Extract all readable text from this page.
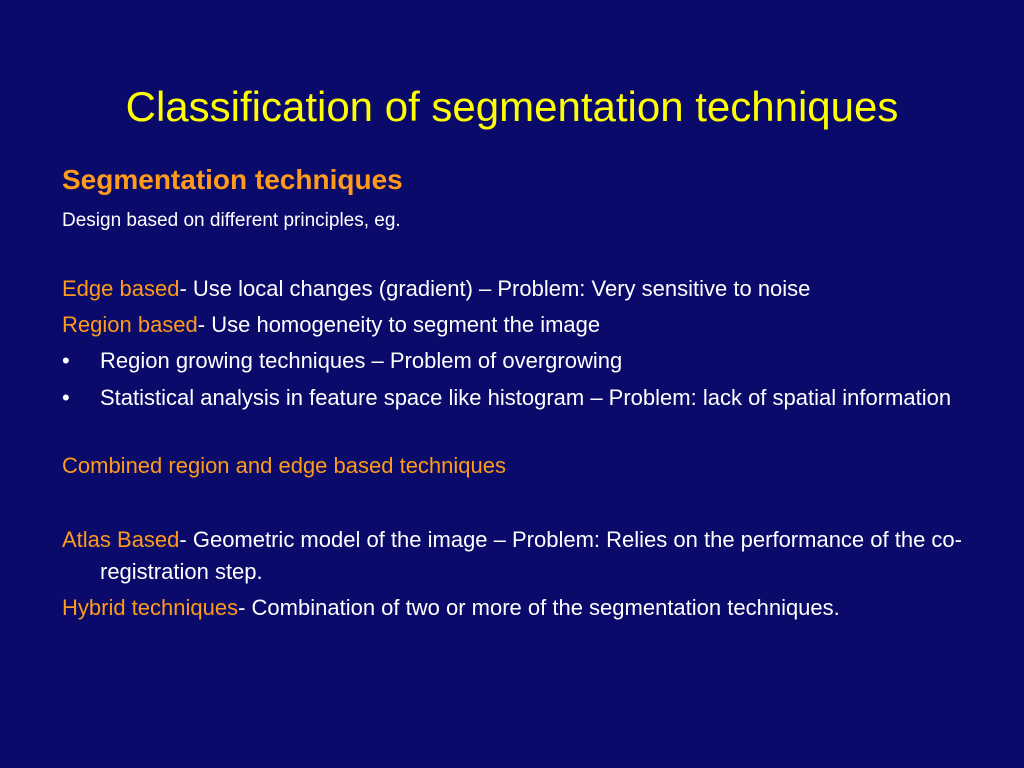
Classification of segmentation techniques
Segmentation techniques
Design based on different principles, eg.
Edge based- Use local changes (gradient) – Problem: Very sensitive to noise
Region based- Use homogeneity to segment the image
• Region growing techniques – Problem of overgrowing
• Statistical analysis in feature space like histogram – Problem: lack of spatial information
Combined region and edge based techniques
Atlas Based- Geometric model of the image – Problem: Relies on the performance of the co-registration step.
Hybrid techniques- Combination of two or more of the segmentation techniques.
